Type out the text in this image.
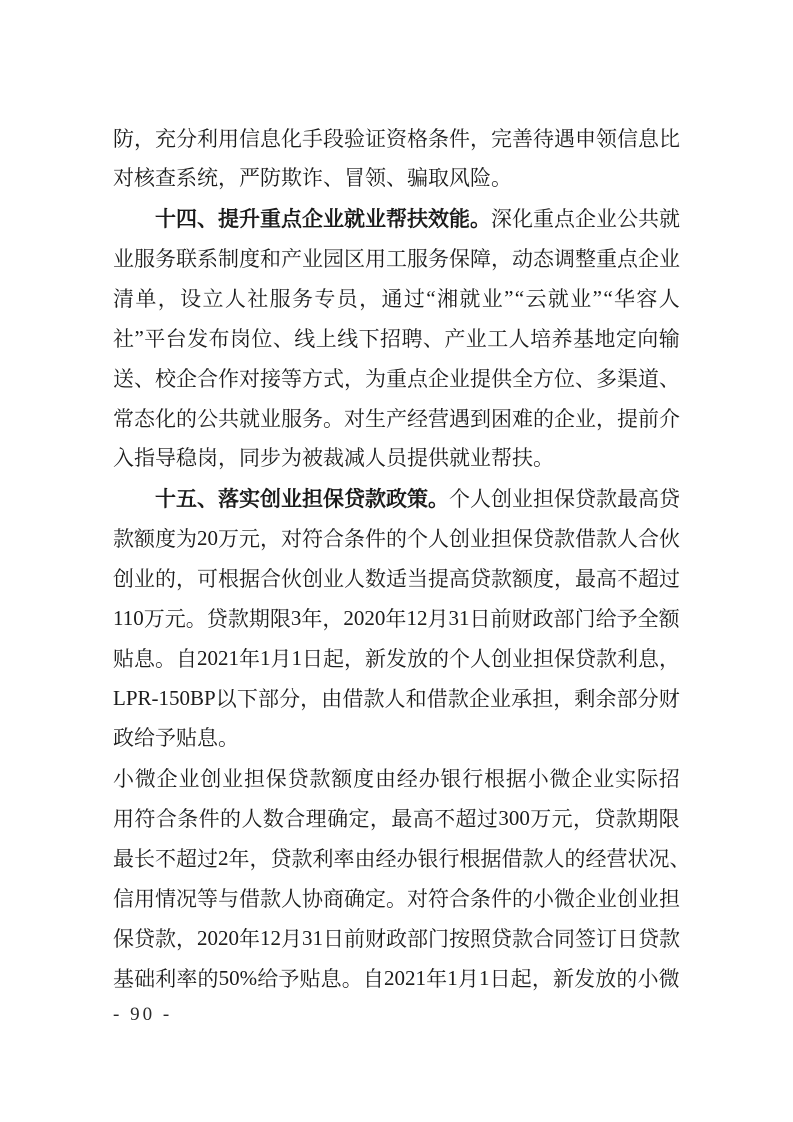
防 ， 充 分 利 用 信 息 化 手 段 验 证 资 格 条 件 ， 完 善 待 遇 申 领 信 息 比
对核查系统，严防欺诈、冒领、骗取风险。
十 四 、 提 升 重 点 企 业 就 业 帮 扶 效 能 。 深 化 重 点 企 业 公 共 就
业 服 务 联 系 制 度 和 产 业 园 区 用 工 服 务 保 障 ， 动 态 调 整 重 点 企 业
清 单 ， 设 立 人 社 服 务 专 员 ， 通 过 “ 湘 就 业 ” “ 云 就 业 ” “ 华 容 人
社 ” 平 台 发 布 岗 位 、 线 上 线 下 招 聘 、 产 业 工 人 培 养 基 地 定 向 输
送 、 校 企 合 作 对 接 等 方 式 ， 为 重 点 企 业 提 供 全 方 位 、 多 渠 道 、
常 态 化 的 公 共 就 业 服 务 。 对 生 产 经 营 遇 到 困 难 的 企 业 ， 提 前 介
入指导稳岗，同步为被裁减人员提供就业帮扶。
十 五 、 落 实 创 业 担 保 贷 款 政 策 。 个 人 创 业 担 保 贷 款 最 高 贷
款 额 度 为 20 万 元 ， 对 符 合 条 件 的 个 人 创 业 担 保 贷 款 借 款 人 合 伙
创 业 的 ， 可 根 据 合 伙 创 业 人 数 适 当 提 高 贷 款 额 度 ， 最 高 不 超 过
110 万 元 。 贷 款 期 限 3 年 ， 2020 年 12 月 31 日 前 财 政 部 门 给 予 全 额
贴 息 。 自 2021 年 1 月 1 日 起 ， 新 发 放 的 个 人 创 业 担 保 贷 款 利 息 ，
LPR-150BP 以 下 部 分 ， 由 借 款 人 和 借 款 企 业 承 担 ， 剩 余 部 分 财
政给予贴息。
小 微 企 业 创 业 担 保 贷 款 额 度 由 经 办 银 行 根 据 小 微 企 业 实 际 招
用 符 合 条 件 的 人 数 合 理 确 定 ， 最 高 不 超 过 300 万 元 ， 贷 款 期 限
最 长 不 超 过 2 年 ， 贷 款 利 率 由 经 办 银 行 根 据 借 款 人 的 经 营 状 况 、
信 用 情 况 等 与 借 款 人 协 商 确 定 。 对 符 合 条 件 的 小 微 企 业 创 业 担
保 贷 款 ， 2020 年 12 月 31 日 前 财 政 部 门 按 照 贷 款 合 同 签 订 日 贷 款
基 础 利 率 的 50% 给 予 贴 息 。 自 2021 年 1 月 1 日 起 ， 新 发 放 的 小 微
- 90 -
